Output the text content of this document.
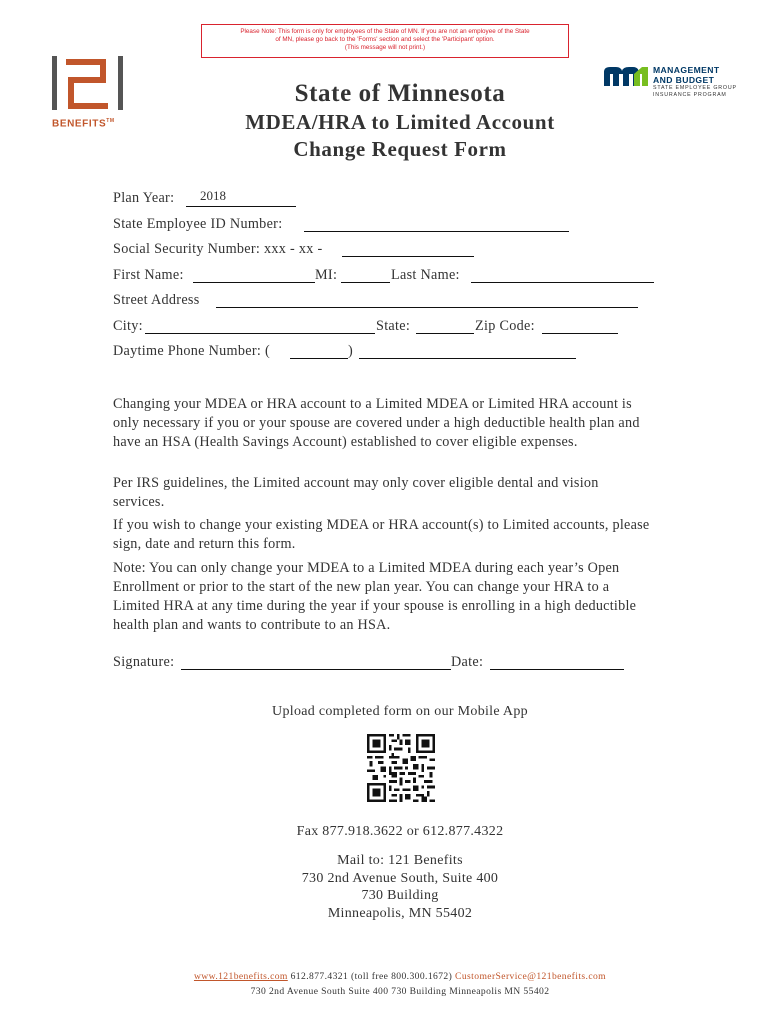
Please Note: This form is only for employees of the State of MN. If you are not an employee of the State
of MN, please go back to the 'Forms' section and select the 'Participant' option.
(This message will not print.)
BENEFITS™
MANAGEMENT
AND BUDGET
STATE EMPLOYEE GROUP
INSURANCE PROGRAM
State of Minnesota
MDEA/HRA to Limited Account
Change Request Form
Plan Year: 2018
State Employee ID Number:
Social Security Number: xxx - xx -
First Name:	MI:	Last Name:
Street Address
City:	State:	Zip Code:
Daytime Phone Number: (	)
Changing your MDEA or HRA account to a Limited MDEA or Limited HRA account is only necessary if you or your spouse are covered under a high deductible health plan and have an HSA (Health Savings Account) established to cover eligible expenses.
Per IRS guidelines, the Limited account may only cover eligible dental and vision services.
If you wish to change your existing MDEA or HRA account(s) to Limited accounts, please sign, date and return this form.
Note: You can only change your MDEA to a Limited MDEA during each year’s Open Enrollment or prior to the start of the new plan year. You can change your HRA to a Limited HRA at any time during the year if your spouse is enrolling in a high deductible health plan and wants to contribute to an HSA.
Signature:	Date:
Upload completed form on our Mobile App
Fax 877.918.3622 or 612.877.4322
Mail to: 121 Benefits
730 2nd Avenue South, Suite 400
730 Building
Minneapolis, MN 55402
www.121benefits.com 612.877.4321 (toll free 800.300.1672) CustomerService@121benefits.com
730 2nd Avenue South Suite 400 730 Building Minneapolis MN 55402
